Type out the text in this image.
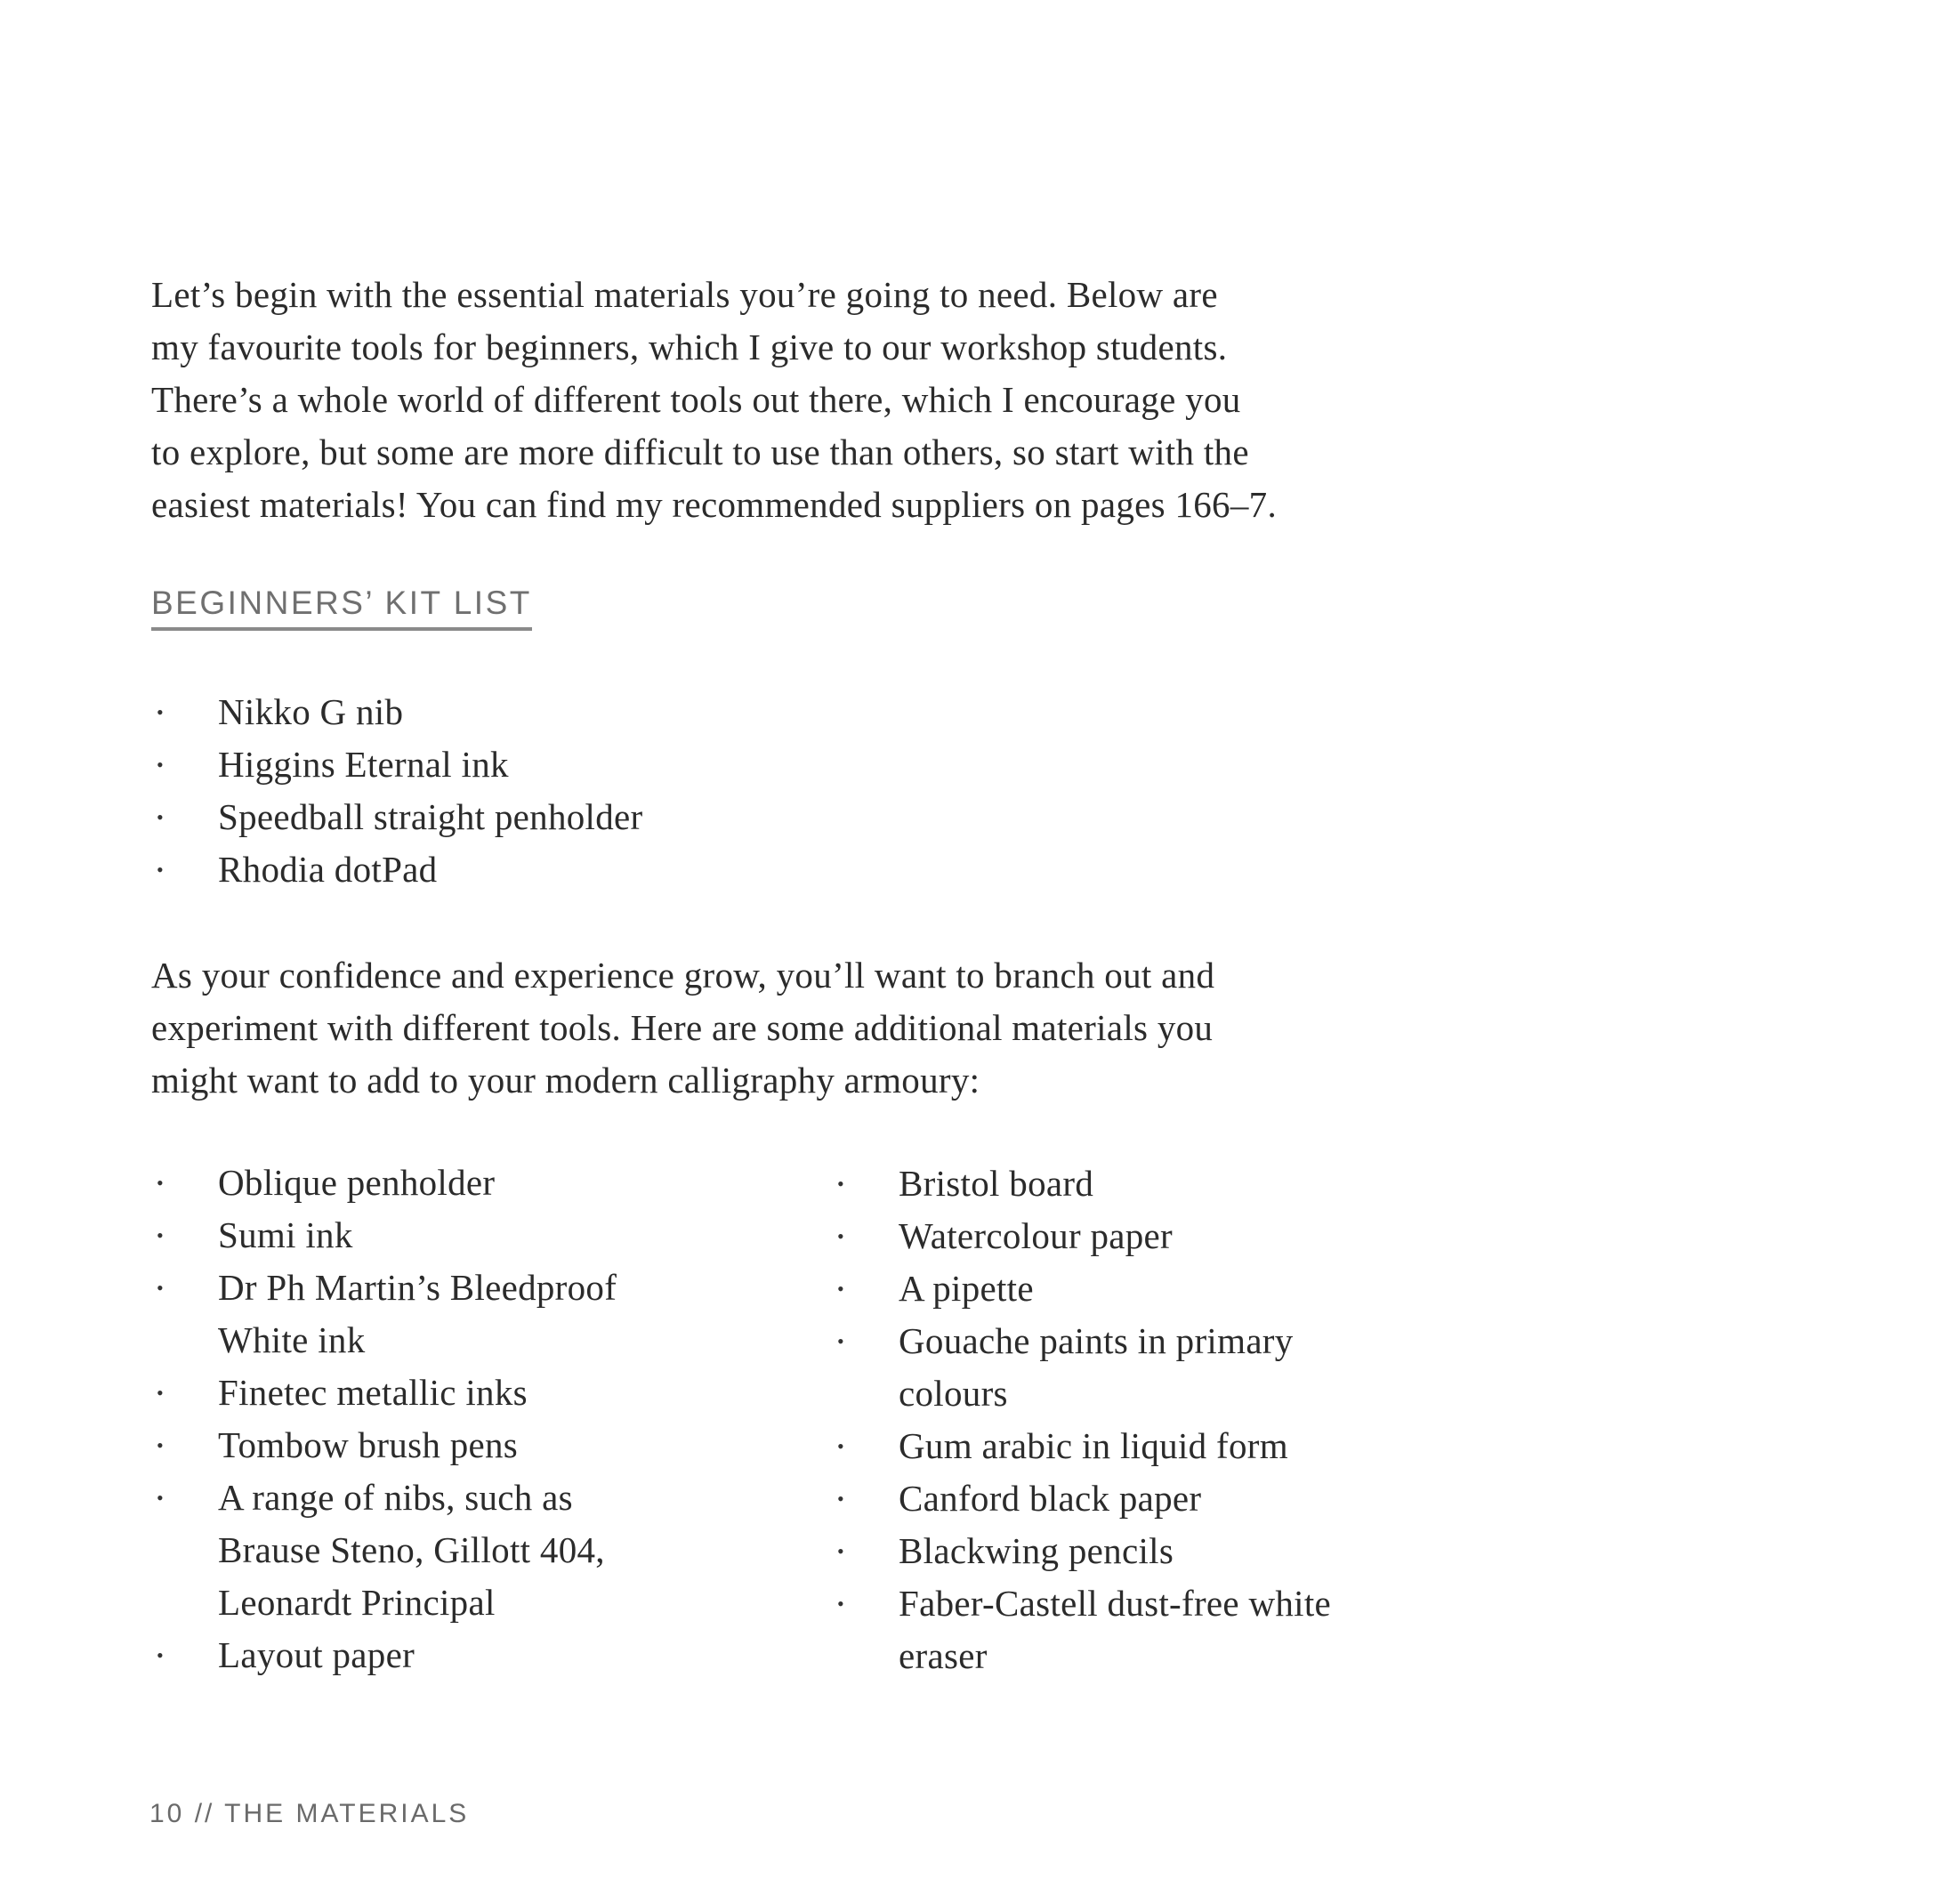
Let’s begin with the essential materials you’re going to need. Below are

my favourite tools for beginners, which I give to our workshop students.

There’s a whole world of different tools out there, which I encourage you

to explore, but some are more difficult to use than others, so start with the

easiest materials! You can find my recommended suppliers on pages 166–7.

BEGINNERS’ KIT LIST
• Nikko G nib
• Higgins Eternal ink
• Speedball straight penholder
• Rhodia dotPad

As your confidence and experience grow, you’ll want to branch out and

experiment with different tools. Here are some additional materials you

might want to add to your modern calligraphy armoury:

• Oblique penholder
• Sumi ink
• Dr Ph Martin’s Bleedproof
White ink
• Finetec metallic inks
• Tombow brush pens
• A range of nibs, such as
Brause Steno, Gillott 404,
Leonardt Principal
• Layout paper
• Bristol board
• Watercolour paper
• A pipette
• Gouache paints in primary
colours
• Gum arabic in liquid form
• Canford black paper
• Blackwing pencils
• Faber-Castell dust-free white
eraser
10 // THE MATERIALS
